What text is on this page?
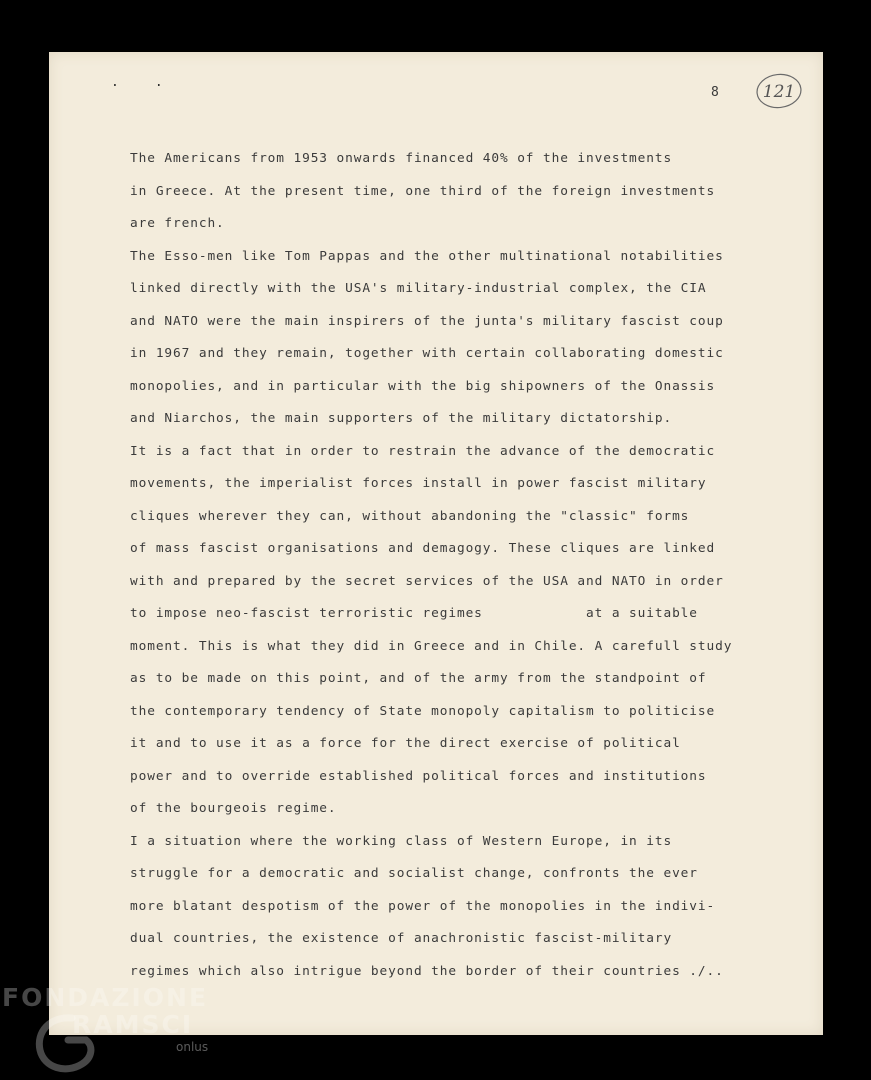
..
8	121
The Americans from 1953 onwards financed 40% of the investments
in Greece. At the present time, one third of the foreign investments
are french.
The Esso-men like Tom Pappas and the other multinational notabilities
linked directly with the USA's military-industrial complex, the CIA
and NATO were the main inspirers of the junta's military fascist coup
in 1967 and they remain, together with certain collaborating domestic
monopolies, and in particular with the big shipowners of the Onassis
and Niarchos, the main supporters of the military dictatorship.
It is a fact that in order to restrain the advance of the democratic
movements, the imperialist forces install in power fascist military
cliques wherever they can, without abandoning the "classic" forms
of mass fascist organisations and demagogy. These cliques are linked
with and prepared by the secret services of the USA and NATO in order
to impose neo-fascist terroristic regimes            at a suitable
moment. This is what they did in Greece and in Chile. A carefull study
as to be made on this point, and of the army from the standpoint of
the contemporary tendency of State monopoly capitalism to politicise
it and to use it as a force for the direct exercise of political
power and to override established political forces and institutions
of the bourgeois regime.
I a situation where the working class of Western Europe, in its
struggle for a democratic and socialist change, confronts the ever
more blatant despotism of the power of the monopolies in the indivi-
dual countries, the existence of anachronistic fascist-military
regimes which also intrigue beyond the border of their countries ./..
FONDAZIONE
RAMSCI
onlus
